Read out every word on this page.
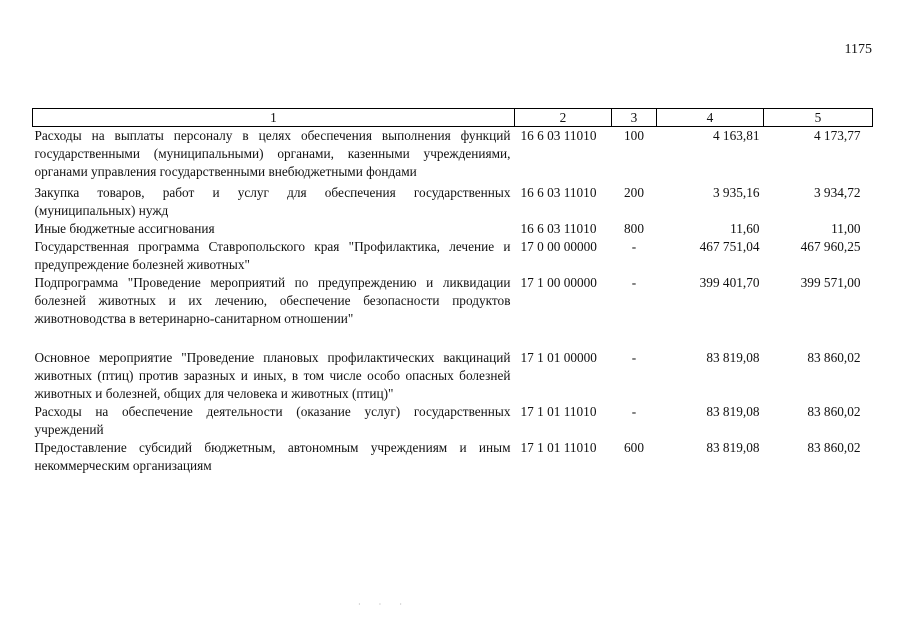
1175
1	2	3	4	5
Расходы на выплаты персоналу в целях обеспечения выполнения функций государственными (муниципальными) органами, казенными учреждениями, органами управления государственными внебюджетными фондами	16 6 03 11010	100	4 163,81	4 173,77

Закупка товаров, работ и услуг для обеспечения государственных (муниципальных) нужд	16 6 03 11010	200	3 935,16	3 934,72
Иные бюджетные ассигнования	16 6 03 11010	800	11,60	11,00
Государственная программа Ставропольского края "Профилактика, лечение и предупреждение болезней животных"	17 0 00 00000	-	467 751,04	467 960,25
Подпрограмма "Проведение мероприятий по предупреждению и ликвидации болезней животных и их лечению, обеспечение безопасности продуктов животноводства в ветеринарно-санитарном отношении"	17 1 00 00000	-	399 401,70	399 571,00

Основное мероприятие "Проведение плановых профилактических вакцинаций животных (птиц) против заразных и иных, в том числе особо опасных болезней животных и болезней, общих для человека и животных (птиц)"	17 1 01 00000	-	83 819,08	83 860,02
Расходы на обеспечение деятельности (оказание услуг) государственных учреждений	17 1 01 11010	-	83 819,08	83 860,02
Предоставление субсидий бюджетным, автономным учреждениям и иным некоммерческим организациям	17 1 01 11010	600	83 819,08	83 860,02
· · ·
